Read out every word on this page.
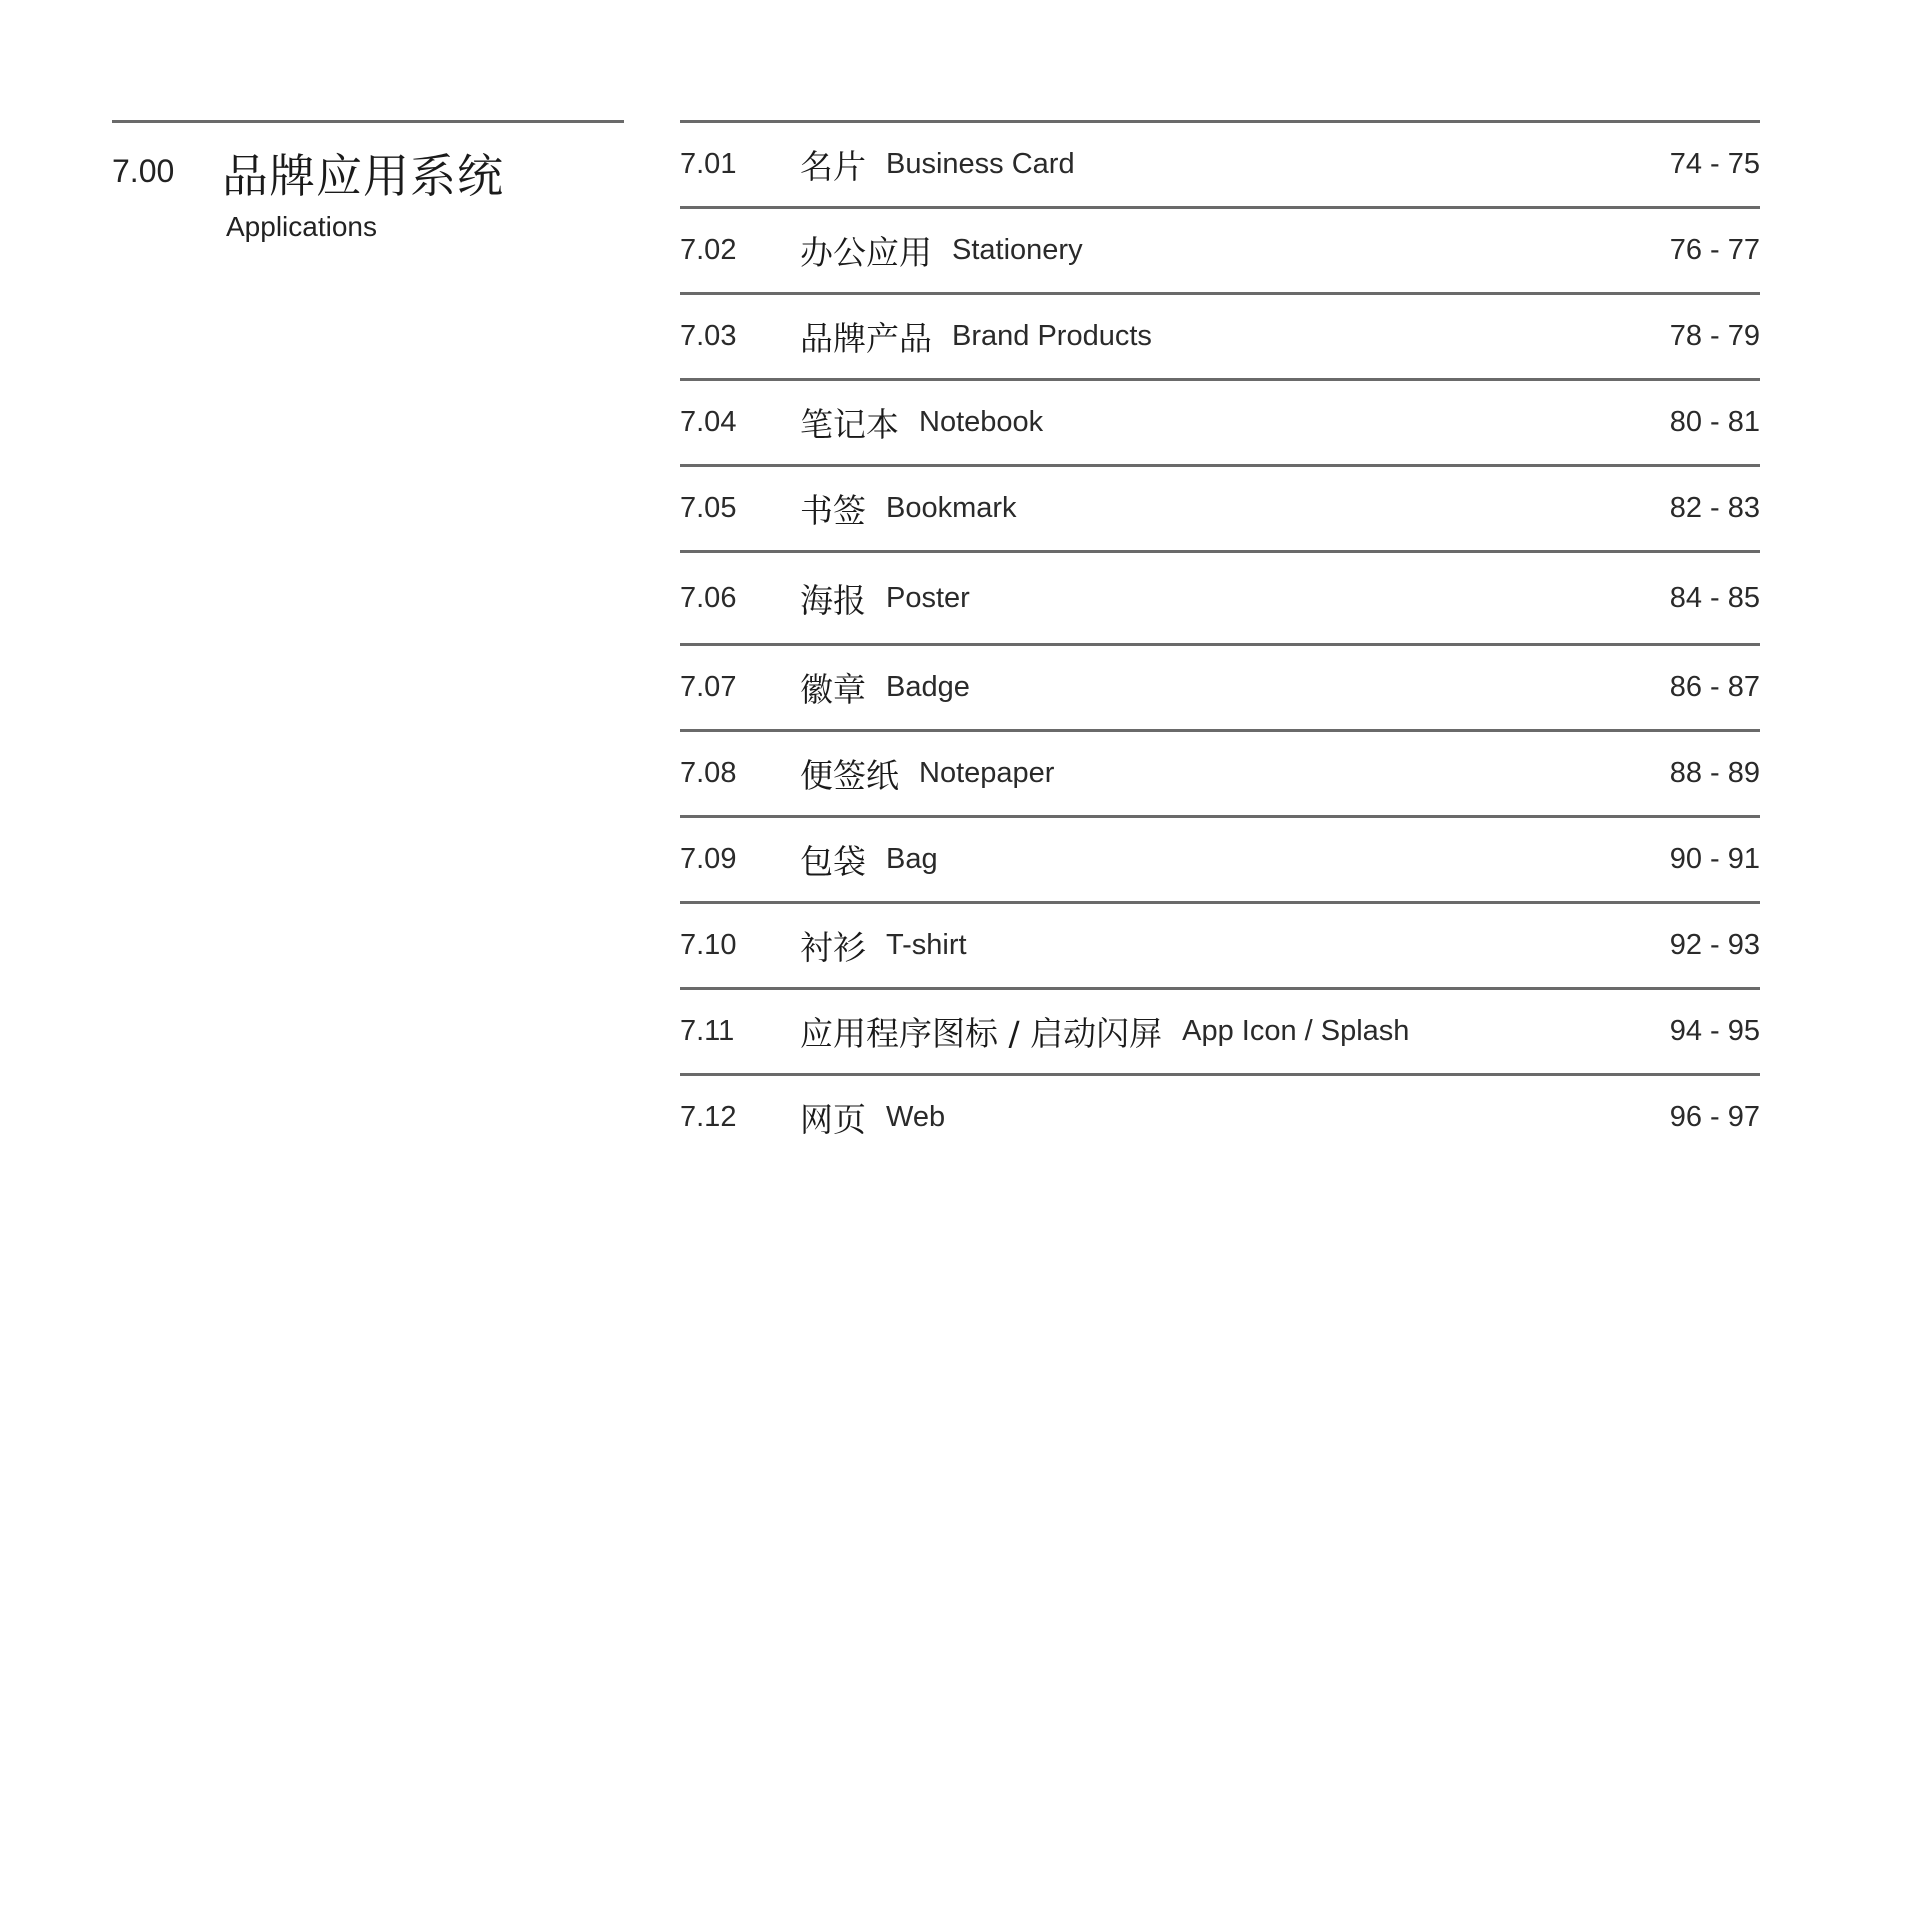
7.00	品牌应用系统
Applications
7.01	名片 Business Card	74 - 75
7.02	办公应用 Stationery	76 - 77
7.03	品牌产品 Brand Products	78 - 79
7.04	笔记本 Notebook	80 - 81
7.05	书签 Bookmark	82 - 83
7.06	海报 Poster	84 - 85
7.07	徽章 Badge	86 - 87
7.08	便签纸 Notepaper	88 - 89
7.09	包袋 Bag	90 - 91
7.10	衬衫 T-shirt	92 - 93
7.11	应用程序图标 / 启动闪屏 App Icon / Splash	94 - 95
7.12	网页 Web	96 - 97
